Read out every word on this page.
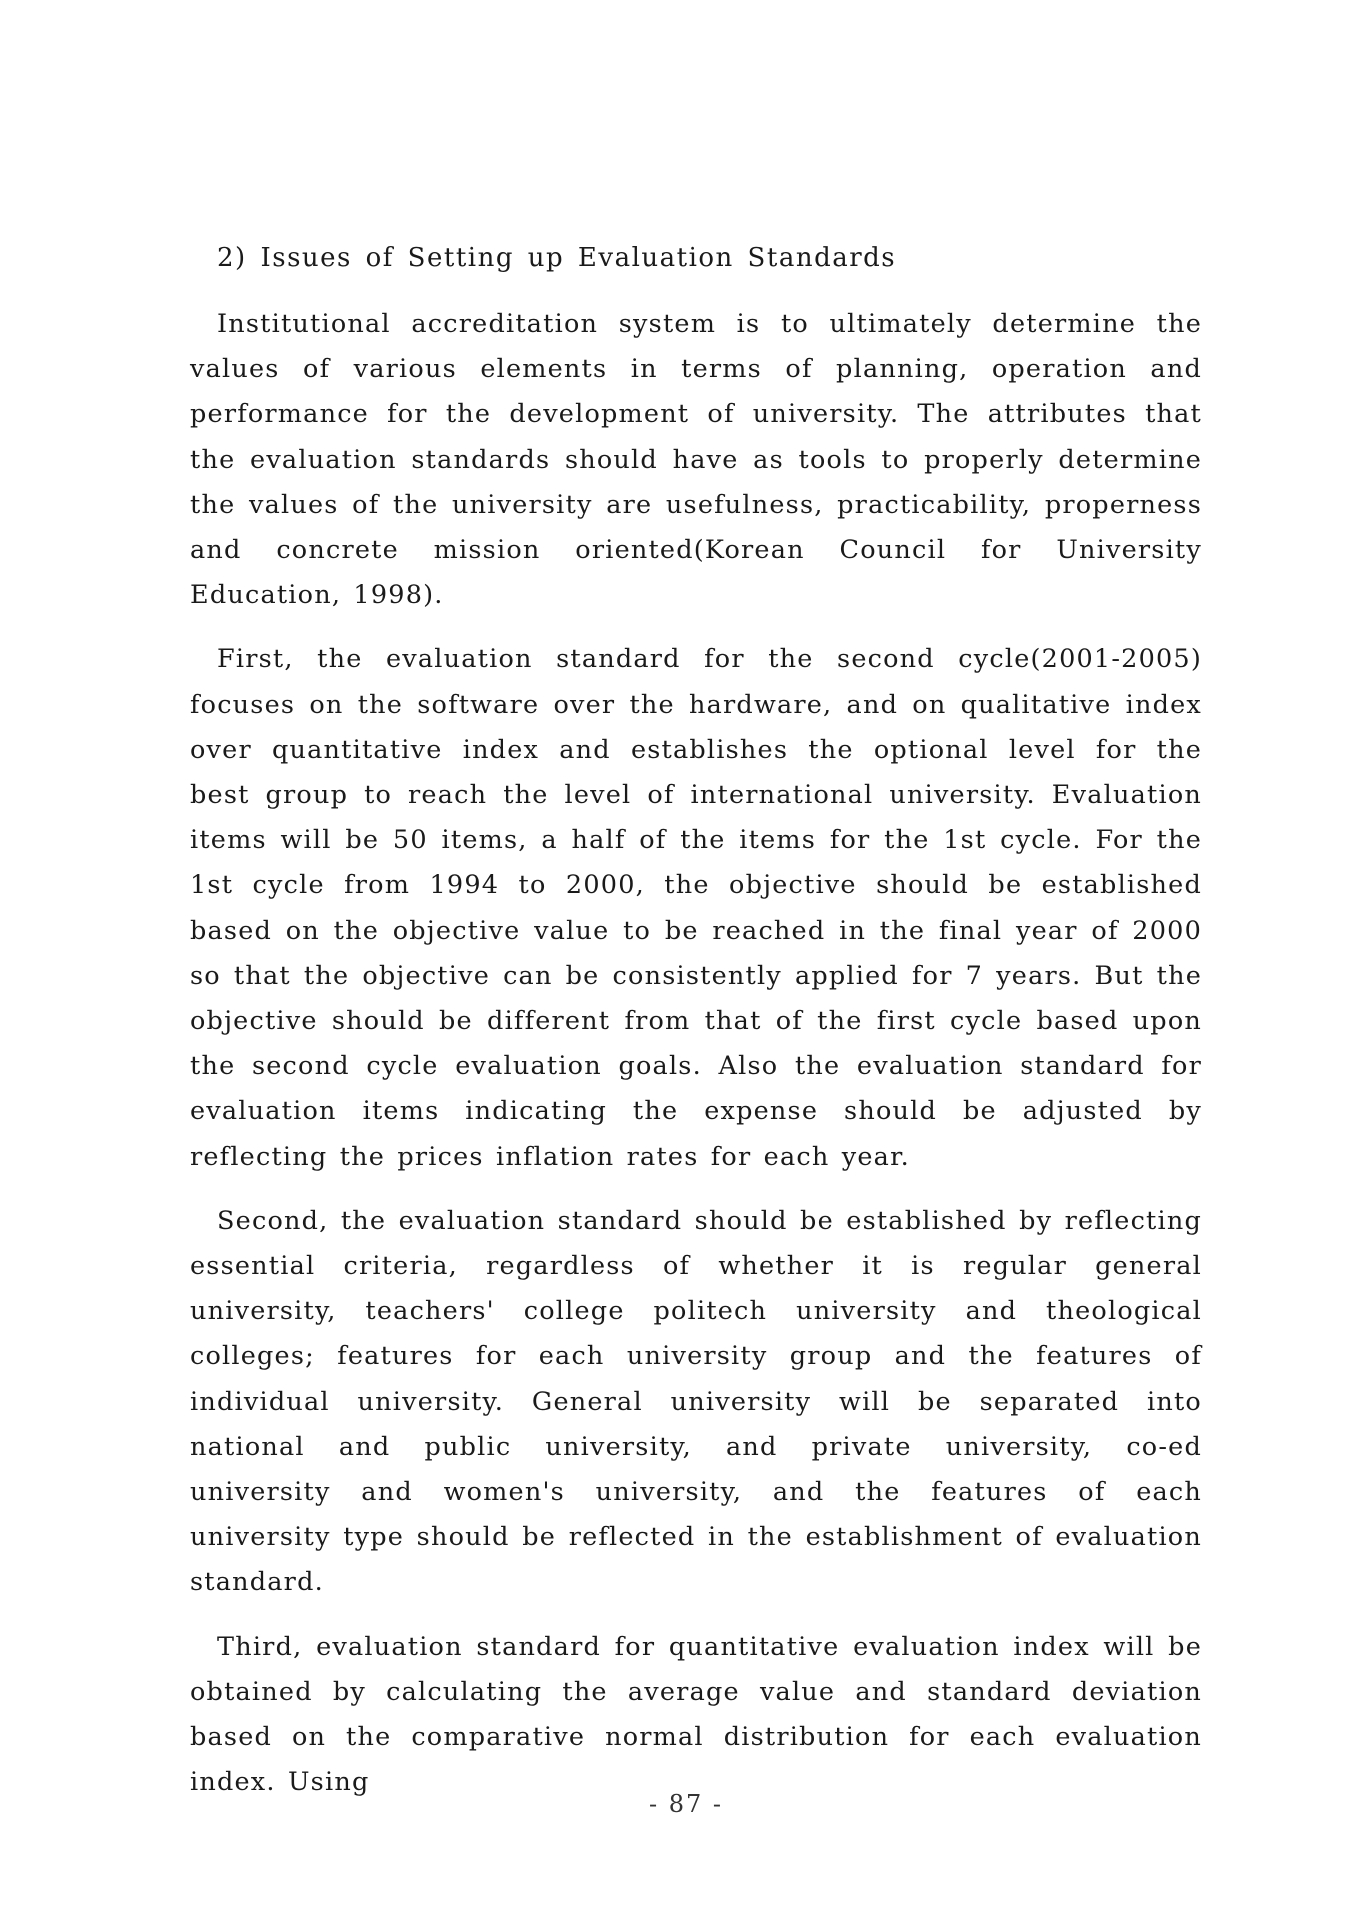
2) Issues of Setting up Evaluation Standards

Institutional accreditation system is to ultimately determine the values of various elements in terms of planning, operation and performance for the development of university. The attributes that the evaluation standards should have as tools to properly determine the values of the university are usefulness, practicability, properness and concrete mission oriented(Korean Council for University Education, 1998).

First, the evaluation standard for the second cycle(2001-2005) focuses on the software over the hardware, and on qualitative index over quantitative index and establishes the optional level for the best group to reach the level of international university. Evaluation items will be 50 items, a half of the items for the 1st cycle. For the 1st cycle from 1994 to 2000, the objective should be established based on the objective value to be reached in the final year of 2000 so that the objective can be consistently applied for 7 years. But the objective should be different from that of the first cycle based upon the second cycle evaluation goals. Also the evaluation standard for evaluation items indicating the expense should be adjusted by reflecting the prices inflation rates for each year.

Second, the evaluation standard should be established by reflecting essential criteria, regardless of whether it is regular general university, teachers' college politech university and theological colleges; features for each university group and the features of individual university. General university will be separated into national and public university, and private university, co-ed university and women's university, and the features of each university type should be reflected in the establishment of evaluation standard.

Third, evaluation standard for quantitative evaluation index will be obtained by calculating the average value and standard deviation based on the comparative normal distribution for each evaluation index. Using

- 87 -
